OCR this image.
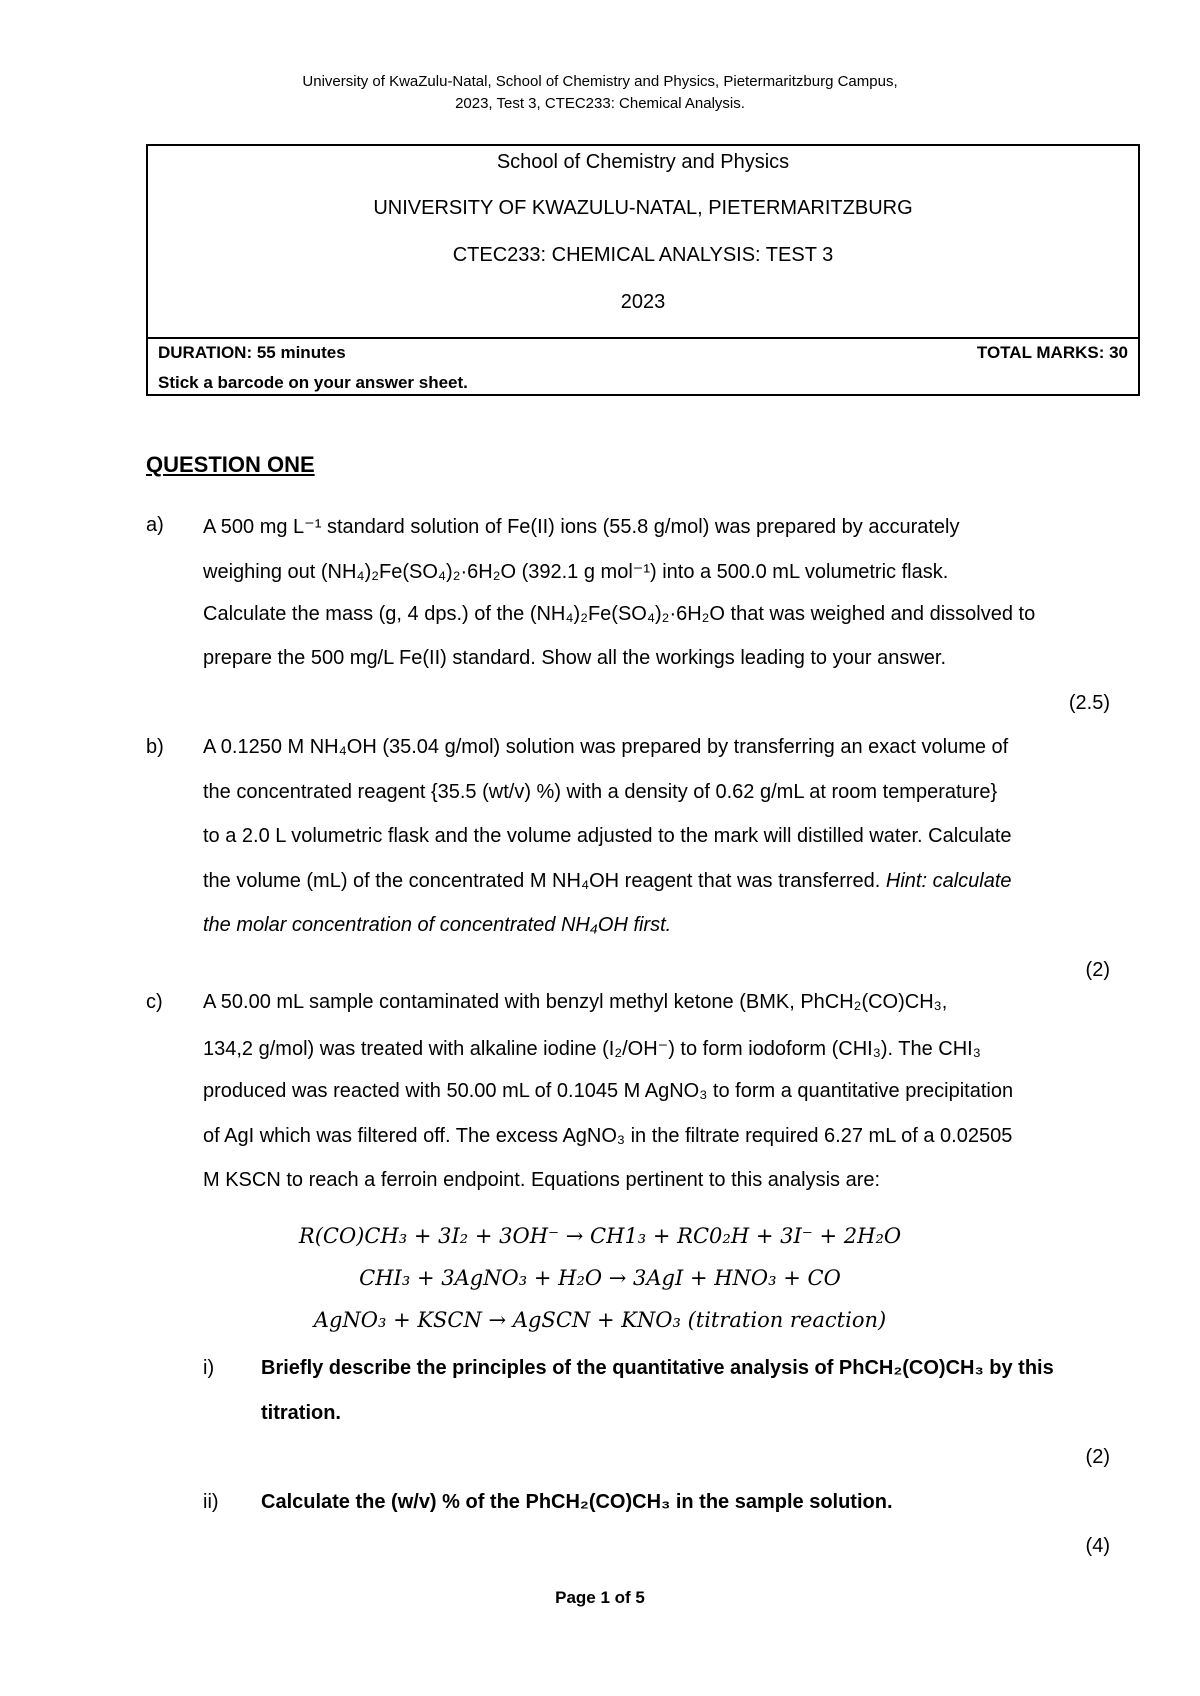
University of KwaZulu-Natal, School of Chemistry and Physics, Pietermaritzburg Campus,
2023, Test 3, CTEC233: Chemical Analysis.
School of Chemistry and Physics
UNIVERSITY OF KWAZULU-NATAL, PIETERMARITZBURG
CTEC233: CHEMICAL ANALYSIS: TEST 3
2023
DURATION: 55 minutes	TOTAL MARKS: 30
Stick a barcode on your answer sheet.
QUESTION ONE
a) A 500 mg L⁻¹ standard solution of Fe(II) ions (55.8 g/mol) was prepared by accurately
weighing out (NH₄)₂Fe(SO₄)₂·6H₂O (392.1 g mol⁻¹) into a 500.0 mL volumetric flask.
Calculate the mass (g, 4 dps.) of the (NH₄)₂Fe(SO₄)₂·6H₂O that was weighed and dissolved to
prepare the 500 mg/L Fe(II) standard. Show all the workings leading to your answer.
(2.5)
b) A 0.1250 M NH₄OH (35.04 g/mol) solution was prepared by transferring an exact volume of
the concentrated reagent {35.5 (wt/v) %) with a density of 0.62 g/mL at room temperature}
to a 2.0 L volumetric flask and the volume adjusted to the mark will distilled water. Calculate
the volume (mL) of the concentrated M NH₄OH reagent that was transferred. Hint: calculate
the molar concentration of concentrated NH₄OH first.
(2)
c) A 50.00 mL sample contaminated with benzyl methyl ketone (BMK, PhCH₂(CO)CH₃,
134,2 g/mol) was treated with alkaline iodine (I₂/OH⁻) to form iodoform (CHI₃). The CHI₃
produced was reacted with 50.00 mL of 0.1045 M AgNO₃ to form a quantitative precipitation
of AgI which was filtered off. The excess AgNO₃ in the filtrate required 6.27 mL of a 0.02505
M KSCN to reach a ferroin endpoint. Equations pertinent to this analysis are:
R(CO)CH₃ + 3I₂ + 3OH⁻ → CH1₃ + RC0₂H + 3I⁻ + 2H₂O
CHI₃ + 3AgNO₃ + H₂O → 3AgI + HNO₃ + CO
AgNO₃ + KSCN → AgSCN + KNO₃ (titration reaction)
i) Briefly describe the principles of the quantitative analysis of PhCH₂(CO)CH₃ by this
titration.
(2)
ii) Calculate the (w/v) % of the PhCH₂(CO)CH₃ in the sample solution.
(4)
Page 1 of 5
